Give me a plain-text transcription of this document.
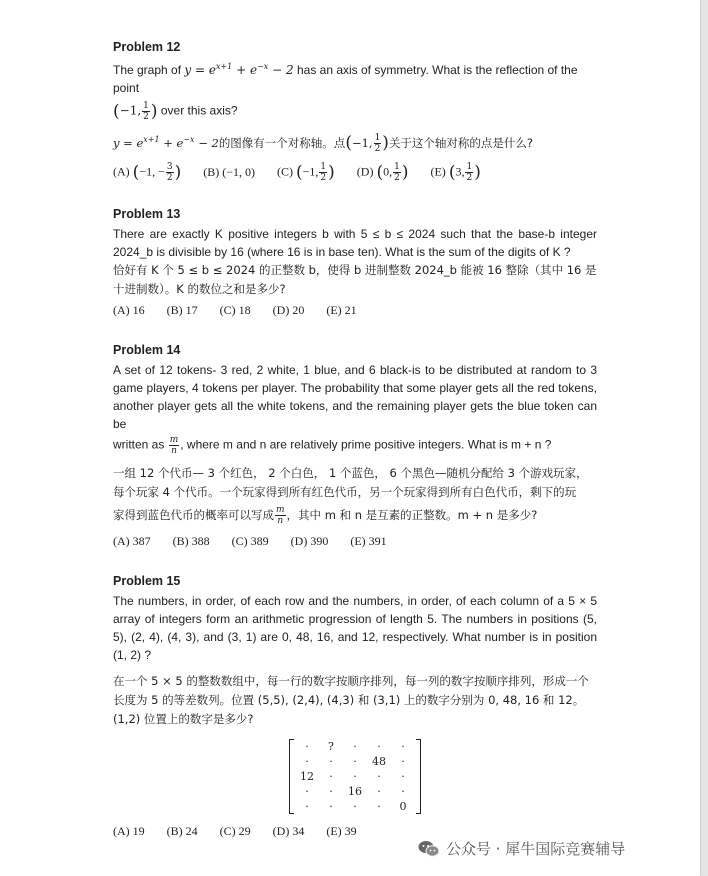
Problem 12

The graph of $y = e^{x+1} + e^{-x} - 2$ has an axis of symmetry. What is the reflection of the point

(−1, $\frac{1}{2}$ ) over this axis?

$y = e^{x+1} + e^{-x} - 2$的图像有一个对称轴。点(−1, $\frac{1}{2}$ )关于这个轴对称的点是什么?

(A) (−1, − $\frac{3}{2}$ ) (B) (−1, 0) (C) (−1, $\frac{1}{2}$ ) (D) (0, $\frac{1}{2}$ ) (E) (3, $\frac{1}{2}$ )

Problem 13

There are exactly K positive integers b with 5 ≤ b ≤ 2024 such that the base-b integer 2024_b is divisible by 16 (where 16 is in base ten). What is the sum of the digits of K ?

恰好有 K 个 5 ≤ b ≤ 2024 的正整数 b，使得 b 进制整数 2024_b 能被 16 整除（其中 16 是十进制数）。K 的数位之和是多少?

(A) 16 (B) 17 (C) 18 (D) 20 (E) 21

Problem 14

A set of 12 tokens- 3 red, 2 white, 1 blue, and 6 black-is to be distributed at random to 3 game players, 4 tokens per player. The probability that some player gets all the red tokens, another player gets all the white tokens, and the remaining player gets the blue token can be

written as $\frac{m}{n}$ , where m and n are relatively prime positive integers. What is m + n ?

一组 12 个代币— 3 个红色， 2 个白色， 1 个蓝色， 6 个黑色—随机分配给 3 个游戏玩家，每个玩家 4 个代币。一个玩家得到所有红色代币，另一个玩家得到所有白色代币，剩下的玩

家得到蓝色代币的概率可以写成 $\frac{m}{n}$ ，其中 m 和 n 是互素的正整数。m + n 是多少?

(A) 387 (B) 388 (C) 389 (D) 390 (E) 391

Problem 15

The numbers, in order, of each row and the numbers, in order, of each column of a 5 × 5 array of integers form an arithmetic progression of length 5. The numbers in positions (5, 5), (2, 4), (4, 3), and (3, 1) are 0, 48, 16, and 12, respectively. What number is in position (1, 2) ?

在一个 5 × 5 的整数数组中，每一行的数字按顺序排列，每一列的数字按顺序排列，形成一个长度为 5 的等差数列。位置 (5,5), (2,4), (4,3) 和 (3,1) 上的数字分别为 0, 48, 16 和 12。(1,2) 位置上的数字是多少?

·	?	·	·	·
·	·	·	48	·
12	·	·	·	·
·	·	16	·	·
·	·	·	·	0
(A) 19 (B) 24 (C) 29 (D) 34 (E) 39
公众号 · 犀牛国际竞赛辅导
